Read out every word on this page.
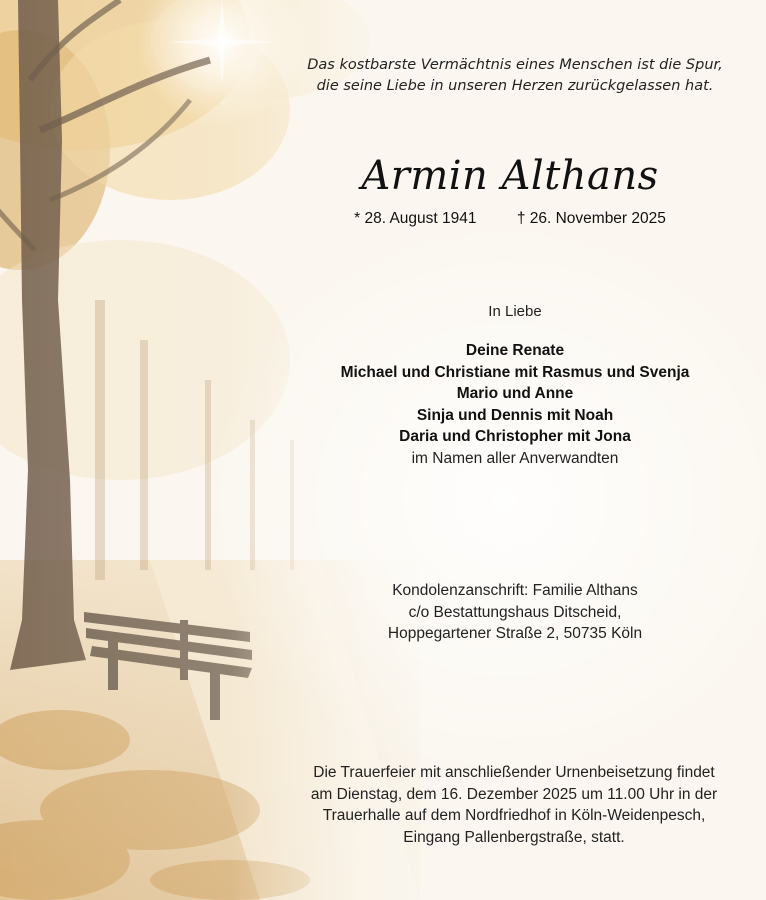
Das kostbarste Vermächtnis eines Menschen ist die Spur,
die seine Liebe in unseren Herzen zurückgelassen hat.
Armin Althans
* 28. August 1941	† 26. November 2025
In Liebe
Deine Renate
Michael und Christiane mit Rasmus und Svenja
Mario und Anne
Sinja und Dennis mit Noah
Daria und Christopher mit Jona
im Namen aller Anverwandten
Kondolenzanschrift: Familie Althans
c/o Bestattungshaus Ditscheid,
Hoppegartener Straße 2, 50735 Köln
Die Trauerfeier mit anschließender Urnenbeisetzung findet
am Dienstag, dem 16. Dezember 2025 um 11.00 Uhr in der
Trauerhalle auf dem Nordfriedhof in Köln-Weidenpesch,
Eingang Pallenbergstraße, statt.
